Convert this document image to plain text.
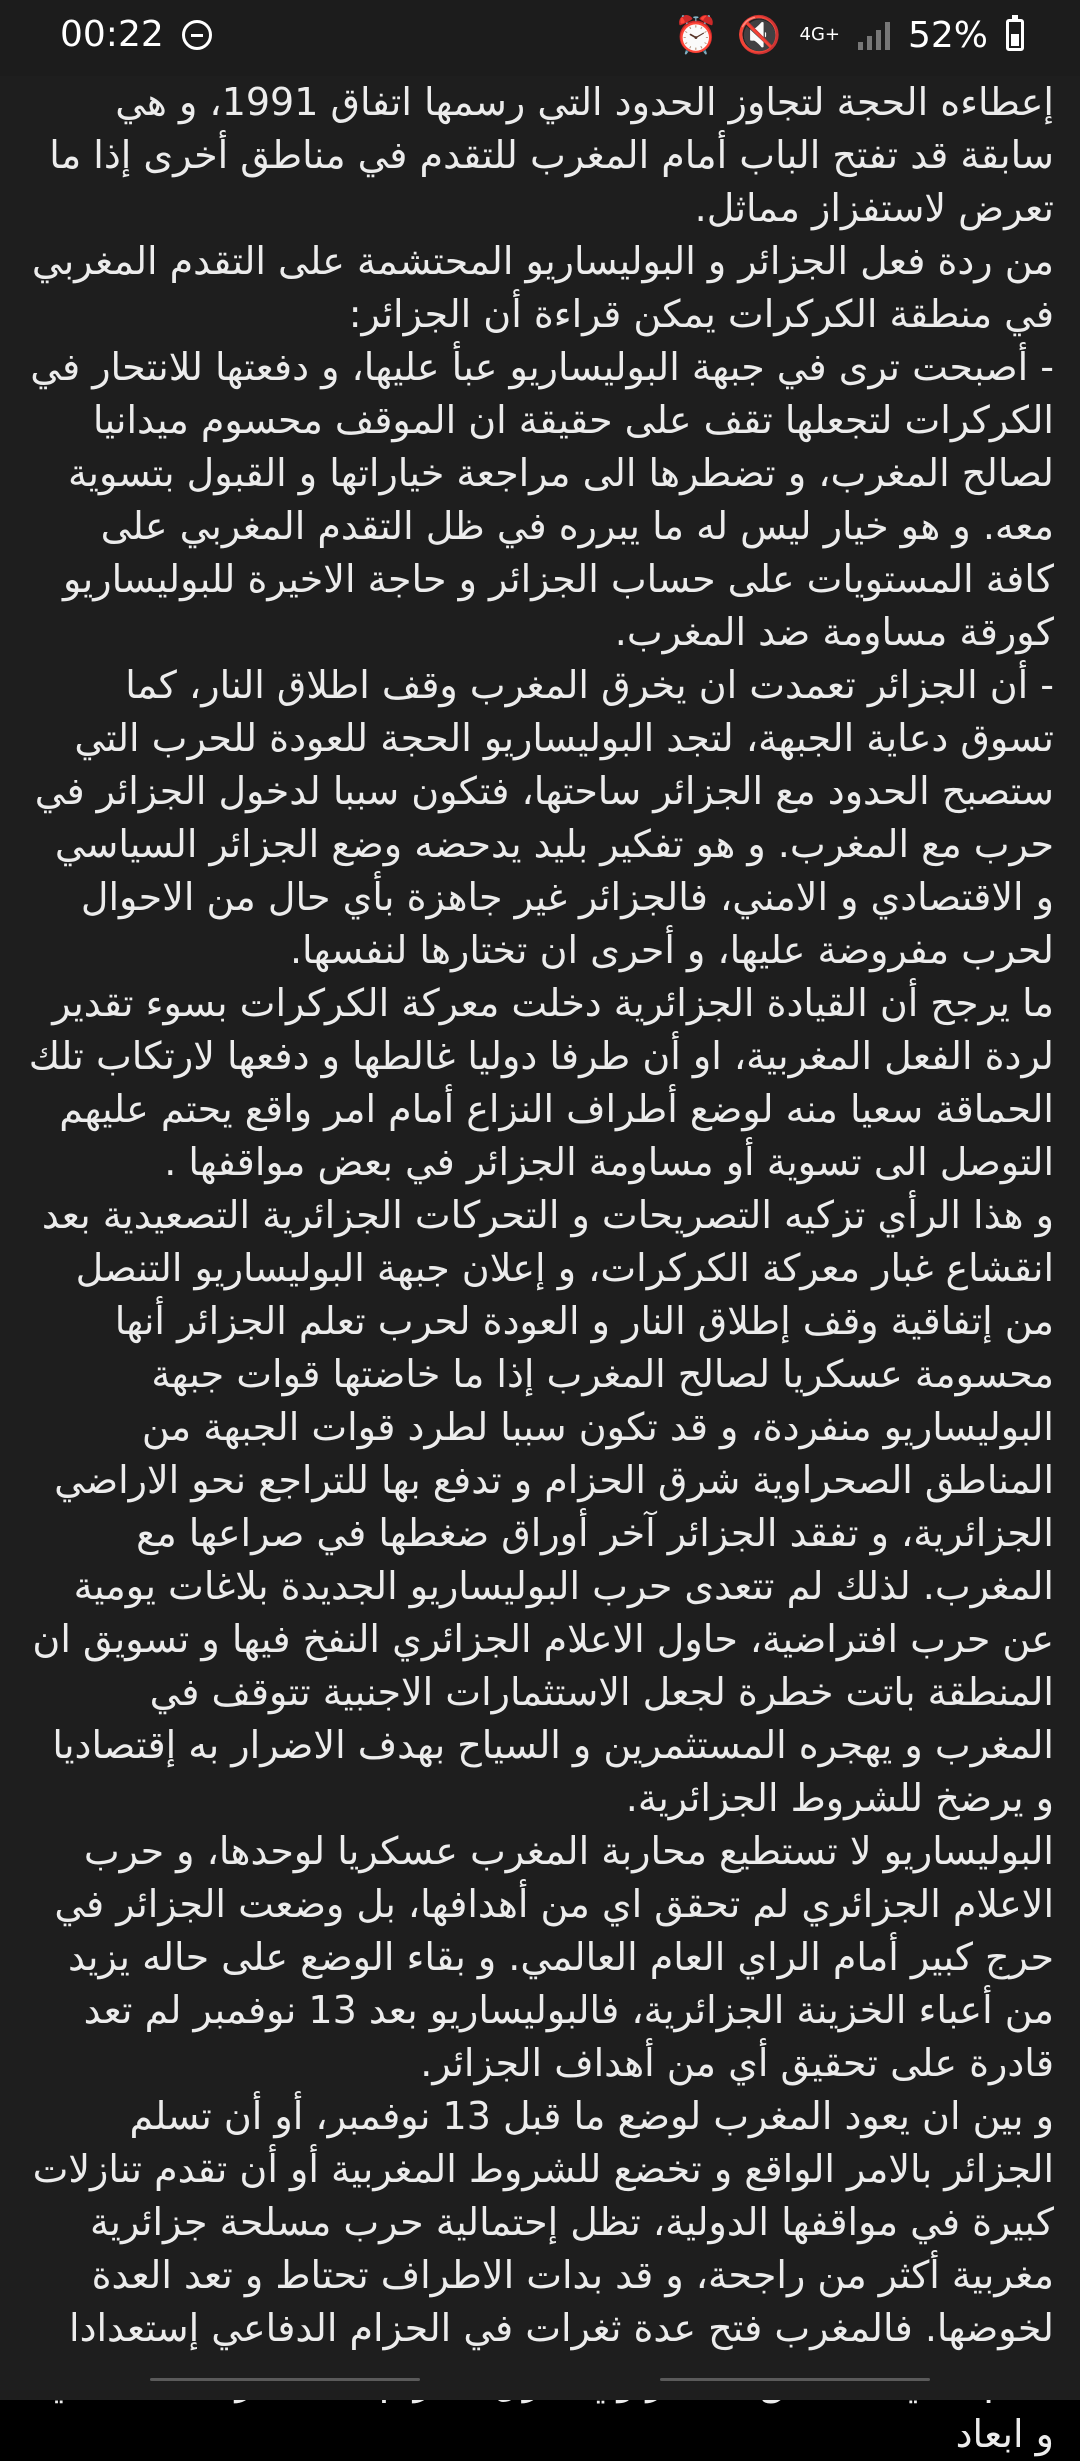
00:22	⏰ 🔇 4G+ 52%

إعطاءه الحجة لتجاوز الحدود التي رسمها اتفاق 1991، و هي سابقة قد تفتح الباب أمام المغرب للتقدم في مناطق أخرى إذا ما تعرض لاستفزاز مماثل.

من ردة فعل الجزائر و البوليساريو المحتشمة على التقدم المغربي في منطقة الكركرات يمكن قراءة أن الجزائر:

- أصبحت ترى في جبهة البوليساريو عبأ عليها، و دفعتها للانتحار في الكركرات لتجعلها تقف على حقيقة ان الموقف محسوم ميدانيا لصالح المغرب، و تضطرها الى مراجعة خياراتها و القبول بتسوية معه. و هو خيار ليس له ما يبرره في ظل التقدم المغربي على كافة المستويات على حساب الجزائر و حاجة الاخيرة للبوليساريو كورقة مساومة ضد المغرب.

- أن الجزائر تعمدت ان يخرق المغرب وقف اطلاق النار، كما تسوق دعاية الجبهة، لتجد البوليساريو الحجة للعودة للحرب التي ستصبح الحدود مع الجزائر ساحتها، فتكون سببا لدخول الجزائر في حرب مع المغرب. و هو تفكير بليد يدحضه وضع الجزائر السياسي و الاقتصادي و الامني، فالجزائر غير جاهزة بأي حال من الاحوال لحرب مفروضة عليها، و أحرى ان تختارها لنفسها.

ما يرجح أن القيادة الجزائرية دخلت معركة الكركرات بسوء تقدير لردة الفعل المغربية، او أن طرفا دوليا غالطها و دفعها لارتكاب تلك الحماقة سعيا منه لوضع أطراف النزاع أمام امر واقع يحتم عليهم التوصل الى تسوية أو مساومة الجزائر في بعض مواقفها .

و هذا الرأي تزكيه التصريحات و التحركات الجزائرية التصعيدية بعد انقشاع غبار معركة الكركرات، و إعلان جبهة البوليساريو التنصل من إتفاقية وقف إطلاق النار و العودة لحرب تعلم الجزائر أنها محسومة عسكريا لصالح المغرب إذا ما خاضتها قوات جبهة البوليساريو منفردة، و قد تكون سببا لطرد قوات الجبهة من المناطق الصحراوية شرق الحزام و تدفع بها للتراجع نحو الاراضي الجزائرية، و تفقد الجزائر آخر أوراق ضغطها في صراعها مع المغرب. لذلك لم تتعدى حرب البوليساريو الجديدة بلاغات يومية عن حرب افتراضية، حاول الاعلام الجزائري النفخ فيها و تسويق ان المنطقة باتت خطرة لجعل الاستثمارات الاجنبية تتوقف في المغرب و يهجره المستثمرين و السياح بهدف الاضرار به إقتصاديا و يرضخ للشروط الجزائرية.

البوليساريو لا تستطيع محاربة المغرب عسكريا لوحدها، و حرب الاعلام الجزائري لم تحقق اي من أهدافها، بل وضعت الجزائر في حرج كبير أمام الراي العام العالمي. و بقاء الوضع على حاله يزيد من أعباء الخزينة الجزائرية، فالبوليساريو بعد 13 نوفمبر لم تعد قادرة على تحقيق أي من أهداف الجزائر.

و بين ان يعود المغرب لوضع ما قبل 13 نوفمبر، أو أن تسلم الجزائر بالامر الواقع و تخضع للشروط المغربية أو أن تقدم تنازلات كبيرة في مواقفها الدولية، تظل إحتمالية حرب مسلحة جزائرية مغربية أكثر من راجحة، و قد بدات الاطراف تحتاط و تعد العدة لخوضها. فالمغرب فتح عدة ثغرات في الحزام الدفاعي إستعدادا و ابعاد
